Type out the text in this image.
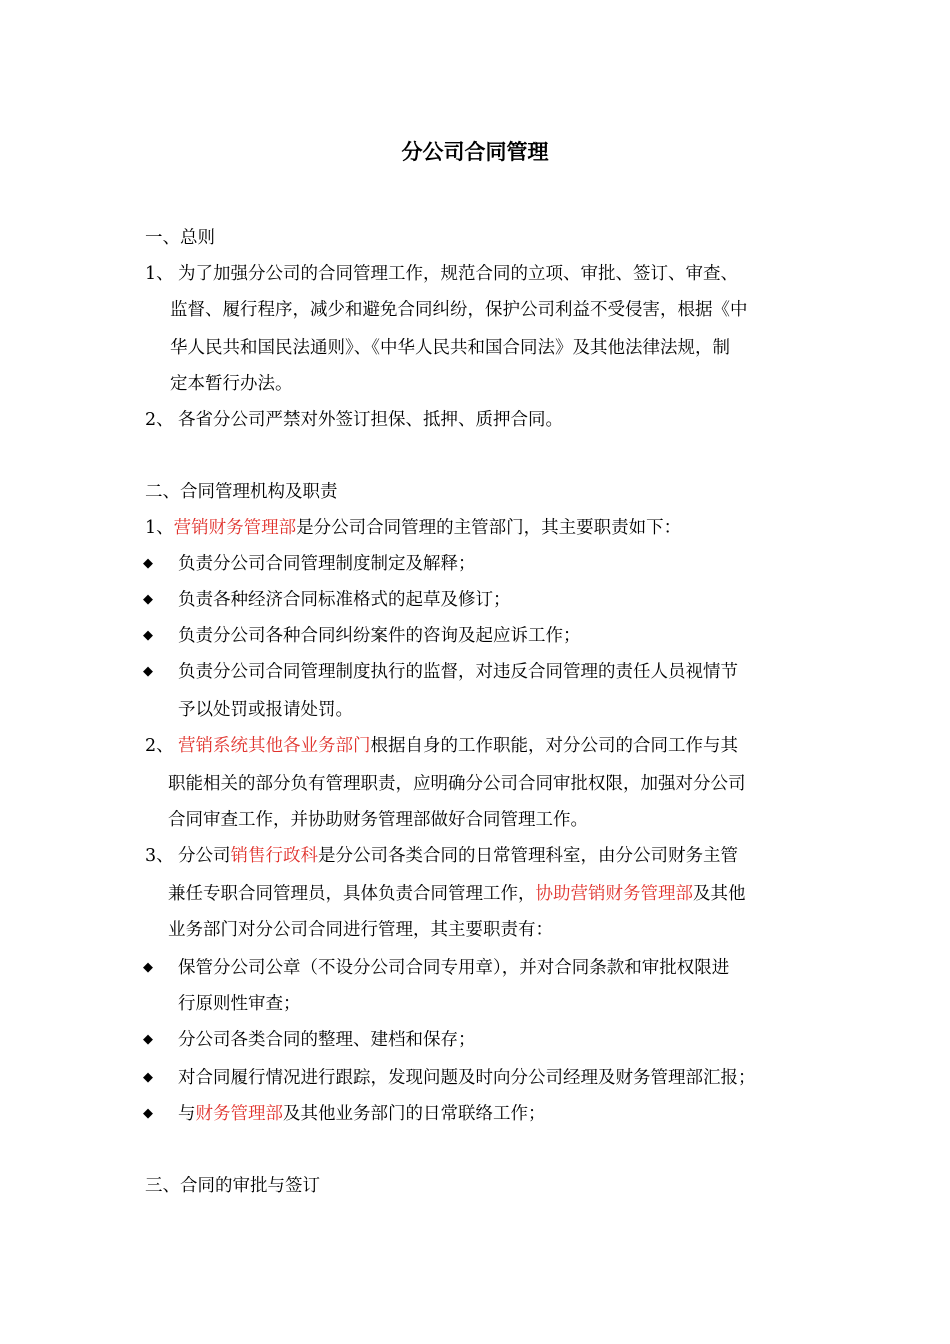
分公司合同管理
一、总则
1、 为了加强分公司的合同管理工作，规范合同的立项、审批、签订、审查、
监督、履行程序，减少和避免合同纠纷，保护公司利益不受侵害，根据《中
华人民共和国民法通则》、《中华人民共和国合同法》及其他法律法规，制
定本暂行办法。
2、 各省分公司严禁对外签订担保、抵押、质押合同。
二、合同管理机构及职责
1、营销财务管理部是分公司合同管理的主管部门，其主要职责如下：
◆ 负责分公司合同管理制度制定及解释；
◆ 负责各种经济合同标准格式的起草及修订；
◆ 负责分公司各种合同纠纷案件的咨询及起应诉工作；
◆ 负责分公司合同管理制度执行的监督，对违反合同管理的责任人员视情节
予以处罚或报请处罚。
2、 营销系统其他各业务部门根据自身的工作职能，对分公司的合同工作与其
职能相关的部分负有管理职责，应明确分公司合同审批权限，加强对分公司
合同审查工作，并协助财务管理部做好合同管理工作。
3、 分公司销售行政科是分公司各类合同的日常管理科室，由分公司财务主管
兼任专职合同管理员，具体负责合同管理工作，协助营销财务管理部及其他
业务部门对分公司合同进行管理，其主要职责有：
◆ 保管分公司公章（不设分公司合同专用章），并对合同条款和审批权限进
行原则性审查；
◆ 分公司各类合同的整理、建档和保存；
◆ 对合同履行情况进行跟踪，发现问题及时向分公司经理及财务管理部汇报；
◆ 与财务管理部及其他业务部门的日常联络工作；
三、合同的审批与签订
